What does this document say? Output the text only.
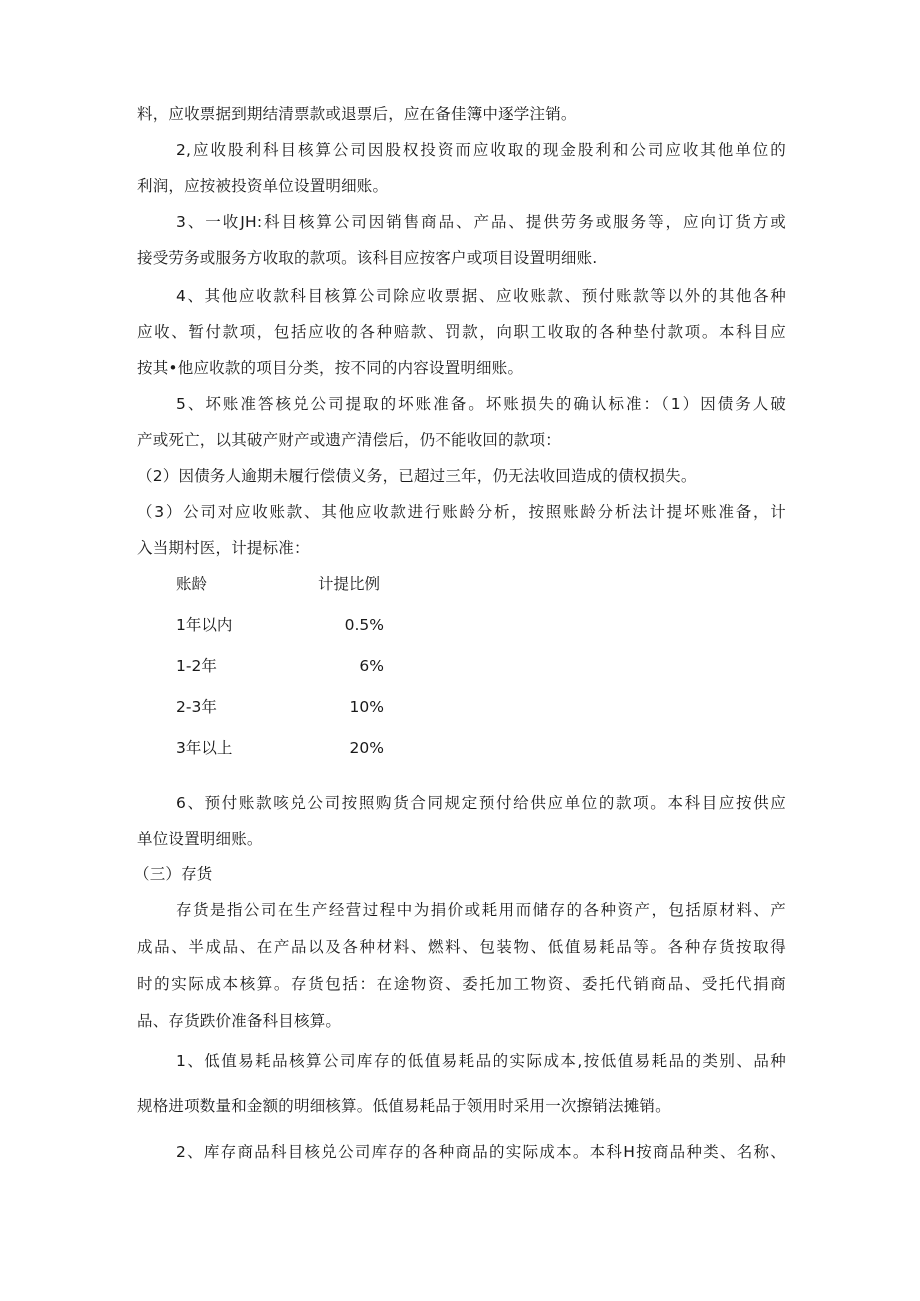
料，应收票据到期结清票款或退票后，应在备佳簿中逐学注销。
2,应收股利科目核算公司因股权投资而应收取的现金股利和公司应收其他单位的
利润，应按被投资单位设置明细账。
3、一收JH:科目核算公司因销售商品、产品、提供劳务或服务等，应向订货方或
接受劳务或服务方收取的款项。该科目应按客户或项目设置明细账.
4、其他应收款科目核算公司除应收票据、应收账款、预付账款等以外的其他各种
应收、暂付款项，包括应收的各种赔款、罚款，向职工收取的各种垫付款项。本科目应
按其•他应收款的项目分类，按不同的内容设置明细账。
5、坏账准答核兑公司提取的坏账准备。坏账损失的确认标准：（1）因债务人破
产或死亡，以其破产财产或遗产清偿后，仍不能收回的款项：
（2）因债务人逾期未履行偿债义务，已超过三年，仍无法收回造成的债权损失。
（3）公司对应收账款、其他应收款进行账龄分析，按照账龄分析法计提坏账准备，计
入当期村医，计提标准：
账龄	计提比例
1年以内	0.5%
1-2年	6%
2-3年	10%
3年以上	20%
6、预付账款咳兑公司按照购货合同规定预付给供应单位的款项。本科目应按供应
单位设置明细账。
（三）存货
存货是指公司在生产经营过程中为捐价或耗用而储存的各种资产，包括原材料、产
成品、半成品、在产品以及各种材料、燃料、包装物、低值易耗品等。各种存货按取得
时的实际成本核算。存货包括：在途物资、委托加工物资、委托代销商品、受托代捐商
品、存货跌价准备科目核算。
1、低值易耗品核算公司库存的低值易耗品的实际成本,按低值易耗品的类别、品种
规格进项数量和金额的明细核算。低值易耗品于领用时采用一次擦销法摊销。
2、库存商品科目核兑公司库存的各种商品的实际成本。本科H按商品种类、名称、
